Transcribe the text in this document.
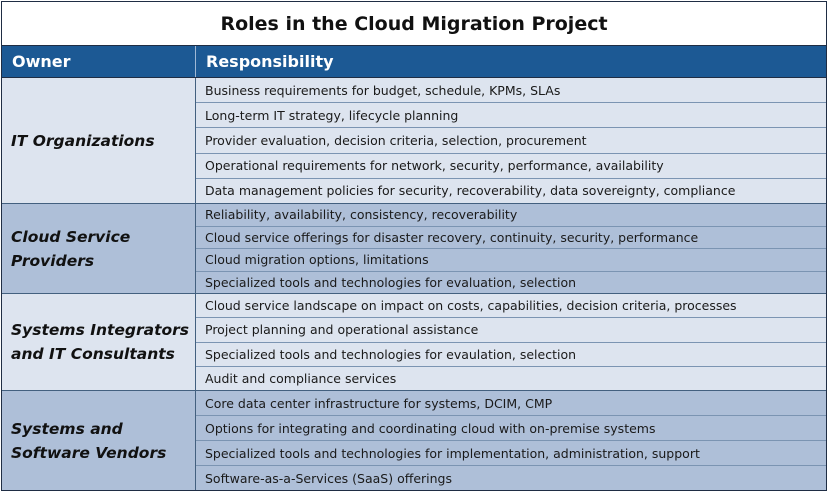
Roles in the Cloud Migration Project
Owner	Responsibility
IT Organizations
Business requirements for budget, schedule, KPMs, SLAs
Long-term IT strategy, lifecycle planning
Provider evaluation, decision criteria, selection, procurement
Operational requirements for network, security, performance, availability
Data management policies for security, recoverability, data sovereignty, compliance
Cloud Service
Providers
Reliability, availability, consistency, recoverability
Cloud service offerings for disaster recovery, continuity, security, performance
Cloud migration options, limitations
Specialized tools and technologies for evaluation, selection
Systems Integrators
and IT Consultants
Cloud service landscape on impact on costs, capabilities, decision criteria, processes
Project planning and operational assistance
Specialized tools and technologies for evaulation, selection
Audit and compliance services
Systems and
Software Vendors
Core data center infrastructure for systems, DCIM, CMP
Options for integrating and coordinating cloud with on-premise systems
Specialized tools and technologies for implementation, administration, support
Software-as-a-Services (SaaS) offerings
